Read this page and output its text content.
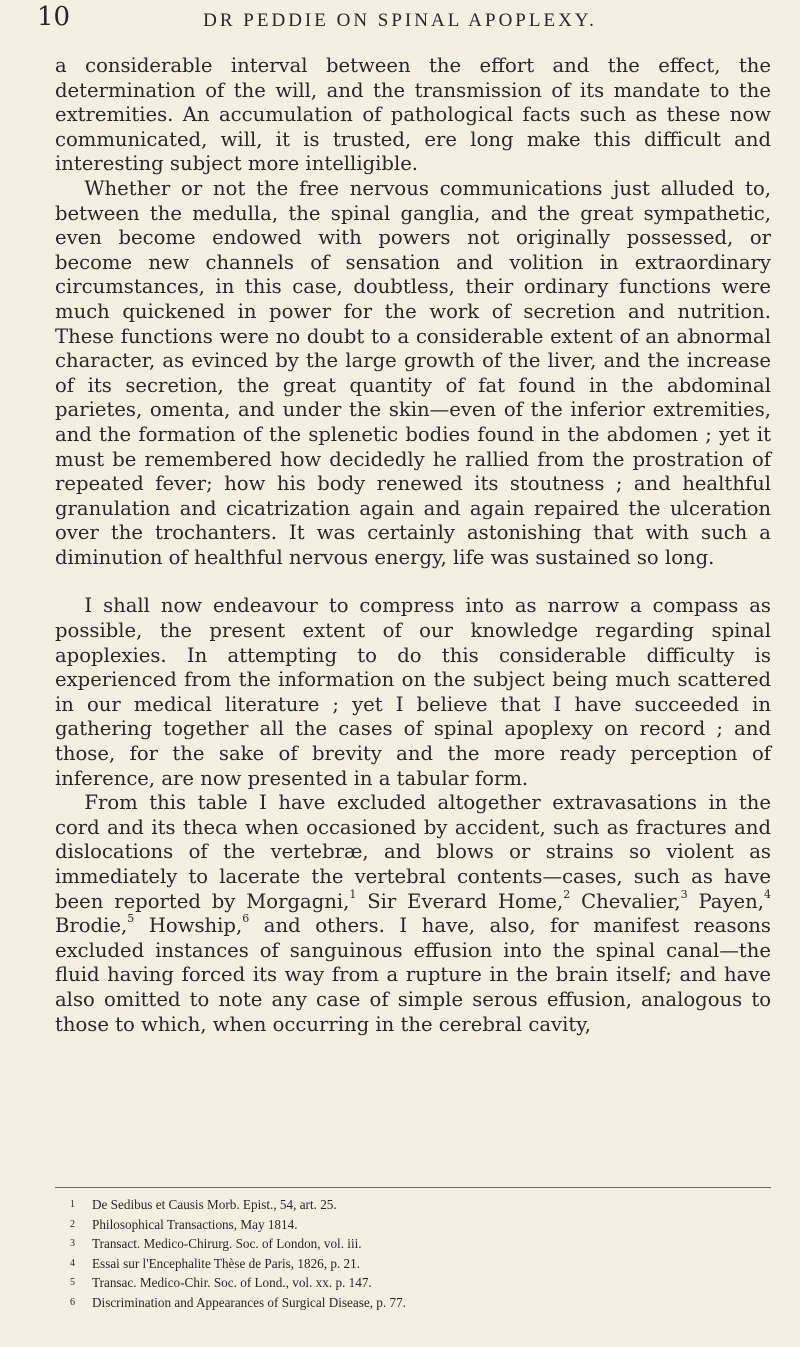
10	DR PEDDIE ON SPINAL APOPLEXY.

a considerable interval between the effort and the effect, the determination of the will, and the transmission of its mandate to the extremities. An accumulation of pathological facts such as these now communicated, will, it is trusted, ere long make this difficult and interesting subject more intelligible.

Whether or not the free nervous communications just alluded to, between the medulla, the spinal ganglia, and the great sympathetic, even become endowed with powers not originally possessed, or become new channels of sensation and volition in extraordinary circumstances, in this case, doubtless, their ordinary functions were much quickened in power for the work of secretion and nutrition. These functions were no doubt to a considerable extent of an abnormal character, as evinced by the large growth of the liver, and the increase of its secretion, the great quantity of fat found in the abdominal parietes, omenta, and under the skin—even of the inferior extremities, and the formation of the splenetic bodies found in the abdomen ; yet it must be remembered how decidedly he rallied from the prostration of repeated fever; how his body renewed its stoutness ; and healthful granulation and cicatrization again and again repaired the ulceration over the trochanters. It was certainly astonishing that with such a diminution of healthful nervous energy, life was sustained so long.

I shall now endeavour to compress into as narrow a compass as possible, the present extent of our knowledge regarding spinal apoplexies. In attempting to do this considerable difficulty is experienced from the information on the subject being much scattered in our medical literature ; yet I believe that I have succeeded in gathering together all the cases of spinal apoplexy on record ; and those, for the sake of brevity and the more ready perception of inference, are now presented in a tabular form.

From this table I have excluded altogether extravasations in the cord and its theca when occasioned by accident, such as fractures and dislocations of the vertebræ, and blows or strains so violent as immediately to lacerate the vertebral contents—cases, such as have been reported by Morgagni,$^1$ Sir Everard Home,$^2$ Chevalier,$^3$ Payen,$^4$ Brodie,$^5$ Howship,$^6$ and others. I have, also, for manifest reasons excluded instances of sanguinous effusion into the spinal canal—the fluid having forced its way from a rupture in the brain itself; and have also omitted to note any case of simple serous effusion, analogous to those to which, when occurring in the cerebral cavity,

1 De Sedibus et Causis Morb. Epist., 54, art. 25.
2 Philosophical Transactions, May 1814.
3 Transact. Medico-Chirurg. Soc. of London, vol. iii.
4 Essai sur l'Encephalite Thèse de Paris, 1826, p. 21.
5 Transac. Medico-Chir. Soc. of Lond., vol. xx. p. 147.
6 Discrimination and Appearances of Surgical Disease, p. 77.
